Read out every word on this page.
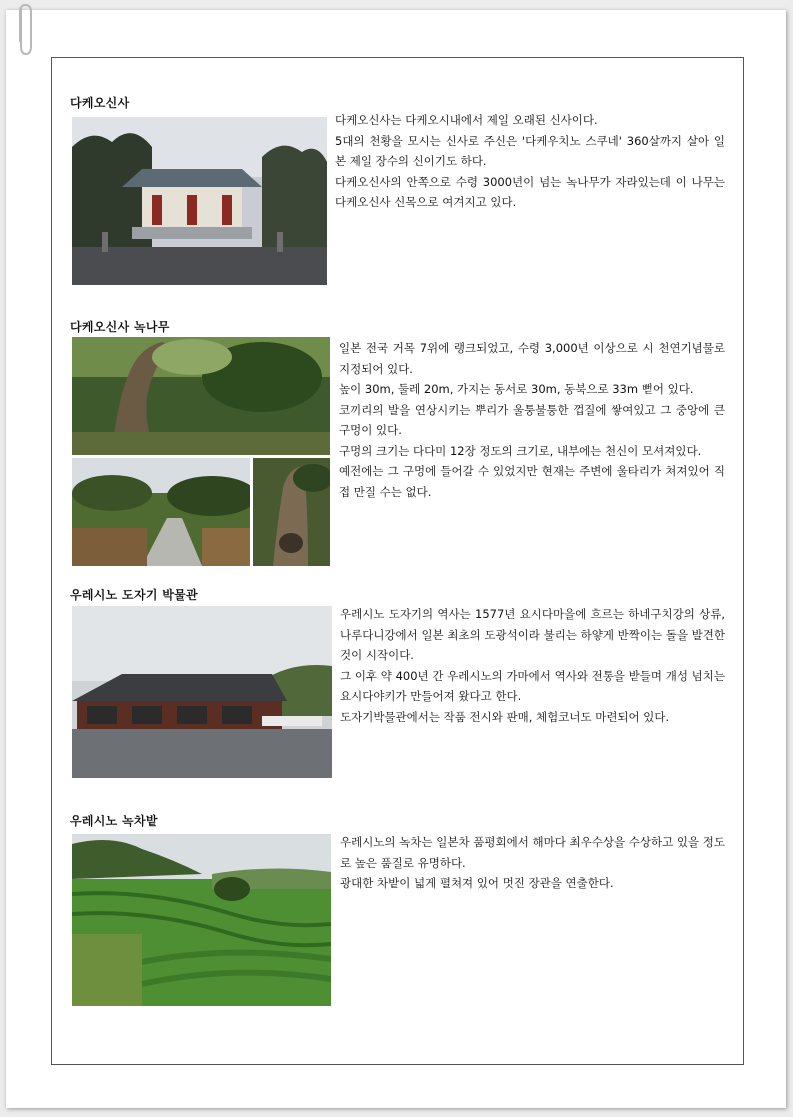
다케오신사

다케오신사는 다케오시내에서 제일 오래된 신사이다.

5대의 천황을 모시는 신사로 주신은 '다케우치노 스쿠네' 360살까지 살아 일본 제일 장수의 신이기도 하다.

다케오신사의 안쪽으로 수령 3000년이 넘는 녹나무가 자라있는데 이 나무는 다케오신사 신목으로 여겨지고 있다.

다케오신사 녹나무

일본 전국 거목 7위에 랭크되었고, 수령 3,000년 이상으로 시 천연기념물로 지정되어 있다.

높이 30m, 둘레 20m, 가지는 동서로 30m, 동북으로 33m 뻗어 있다.

코끼리의 발을 연상시키는 뿌리가 울퉁불퉁한 껍질에 쌓여있고 그 중앙에 큰 구멍이 있다.

구멍의 크기는 다다미 12장 정도의 크기로, 내부에는 천신이 모셔져있다.

예전에는 그 구멍에 들어갈 수 있었지만 현재는 주변에 울타리가 쳐져있어 직접 만질 수는 없다.

우레시노 도자기 박물관

우레시노 도자기의 역사는 1577년 요시다마을에 흐르는 하네구치강의 상류, 나루다니강에서 일본 최초의 도광석이라 불리는 하얗게 반짝이는 돌을 발견한 것이 시작이다.

그 이후 약 400년 간 우레시노의 가마에서 역사와 전통을 받들며 개성 넘치는 요시다야키가 만들어져 왔다고 한다.

도자기박물관에서는 작품 전시와 판매, 체험코너도 마련되어 있다.

우레시노 녹차밭

우레시노의 녹차는 일본차 품평회에서 해마다 최우수상을 수상하고 있을 정도로 높은 품질로 유명하다.

광대한 차밭이 넓게 펼쳐져 있어 멋진 장관을 연출한다.
